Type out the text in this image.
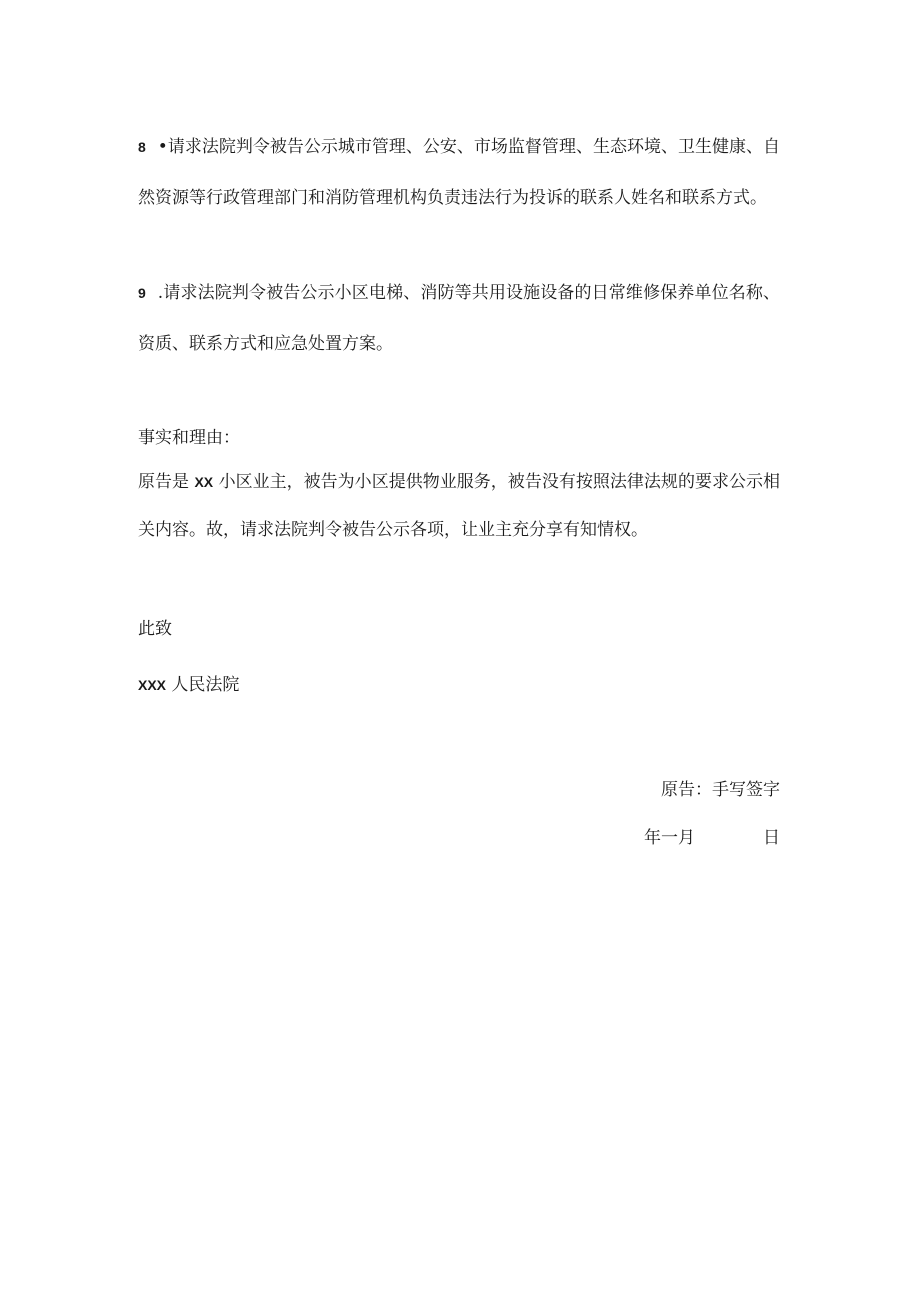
8 •请求法院判令被告公示城市管理、公安、市场监督管理、生态环境、卫生健康、自然资源等行政管理部门和消防管理机构负责违法行为投诉的联系人姓名和联系方式。
9 .请求法院判令被告公示小区电梯、消防等共用设施设备的日常维修保养单位名称、资质、联系方式和应急处置方案。
事实和理由：
原告是 XX 小区业主，被告为小区提供物业服务，被告没有按照法律法规的要求公示相关内容。故，请求法院判令被告公示各项，让业主充分享有知情权。
此致
XXX 人民法院
原告：手写签字
年一月	日
